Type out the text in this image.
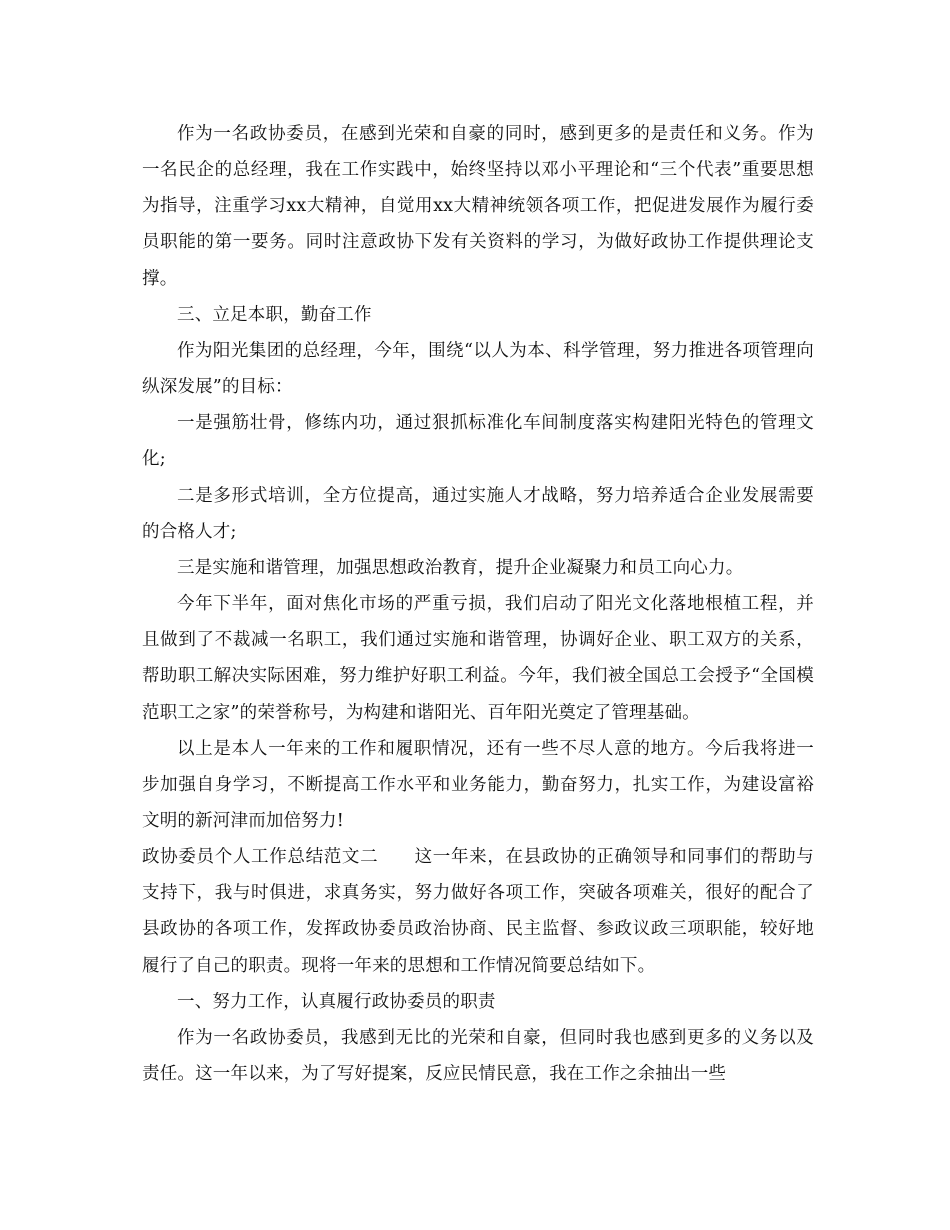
作为一名政协委员，在感到光荣和自豪的同时，感到更多的是责任和义务。作为一名民企的总经理，我在工作实践中，始终坚持以邓小平理论和“三个代表”重要思想为指导，注重学习xx大精神，自觉用xx大精神统领各项工作，把促进发展作为履行委员职能的第一要务。同时注意政协下发有关资料的学习，为做好政协工作提供理论支撑。

三、立足本职，勤奋工作

作为阳光集团的总经理，今年，围绕“以人为本、科学管理，努力推进各项管理向纵深发展”的目标：

一是强筋壮骨，修练内功，通过狠抓标准化车间制度落实构建阳光特色的管理文化;

二是多形式培训，全方位提高，通过实施人才战略，努力培养适合企业发展需要的合格人才;

三是实施和谐管理，加强思想政治教育，提升企业凝聚力和员工向心力。

今年下半年，面对焦化市场的严重亏损，我们启动了阳光文化落地根植工程，并且做到了不裁减一名职工，我们通过实施和谐管理，协调好企业、职工双方的关系，帮助职工解决实际困难，努力维护好职工利益。今年，我们被全国总工会授予“全国模范职工之家”的荣誉称号，为构建和谐阳光、百年阳光奠定了管理基础。

以上是本人一年来的工作和履职情况，还有一些不尽人意的地方。今后我将进一步加强自身学习，不断提高工作水平和业务能力，勤奋努力，扎实工作，为建设富裕文明的新河津而加倍努力!

政协委员个人工作总结范文二　　这一年来，在县政协的正确领导和同事们的帮助与支持下，我与时俱进，求真务实，努力做好各项工作，突破各项难关，很好的配合了县政协的各项工作，发挥政协委员政治协商、民主监督、参政议政三项职能，较好地履行了自己的职责。现将一年来的思想和工作情况简要总结如下。

一、努力工作，认真履行政协委员的职责

作为一名政协委员，我感到无比的光荣和自豪，但同时我也感到更多的义务以及责任。这一年以来，为了写好提案，反应民情民意，我在工作之余抽出一些
